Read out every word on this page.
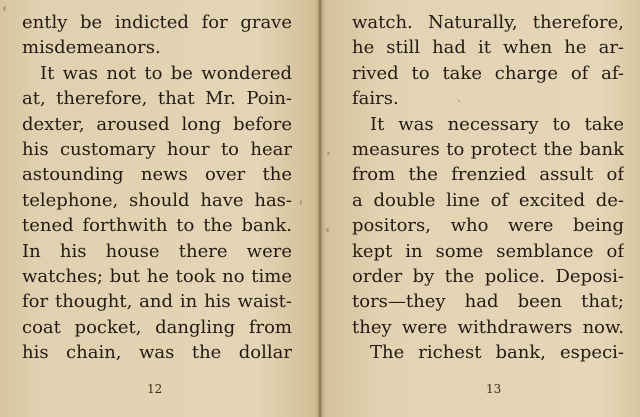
ently be indicted for grave
misdemeanors.
It was not to be wondered
at, therefore, that Mr. Poin-
dexter, aroused long before
his customary hour to hear
astounding news over the
telephone, should have has-
tened forthwith to the bank.
In his house there were
watches; but he took no time
for thought, and in his waist-
coat pocket, dangling from
his chain, was the dollar
12
watch. Naturally, therefore,
he still had it when he ar-
rived to take charge of af-
fairs.
It was necessary to take
measures to protect the bank
from the frenzied assult of
a double line of excited de-
positors, who were being
kept in some semblance of
order by the police. Deposi-
tors—they had been that;
they were withdrawers now.
The richest bank, especi-
13
